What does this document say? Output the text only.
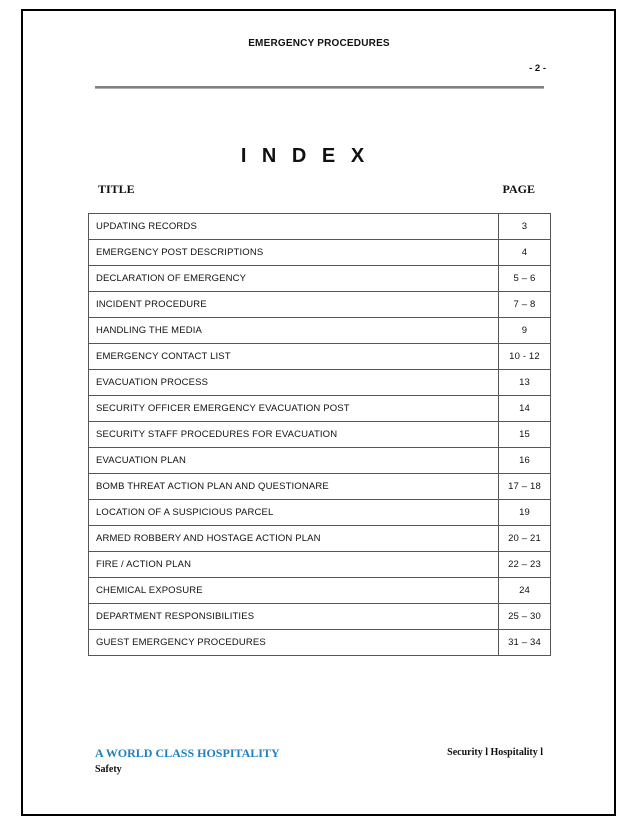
EMERGENCY PROCEDURES
- 2 -
I N D E X
TITLE	PAGE
UPDATING RECORDS	3
EMERGENCY POST DESCRIPTIONS	4
DECLARATION OF EMERGENCY	5 – 6
INCIDENT PROCEDURE	7 – 8
HANDLING THE MEDIA	9
EMERGENCY CONTACT LIST	10 - 12
EVACUATION PROCESS	13
SECURITY OFFICER EMERGENCY EVACUATION POST	14
SECURITY STAFF PROCEDURES FOR EVACUATION	15
EVACUATION PLAN	16
BOMB THREAT ACTION PLAN AND QUESTIONARE	17 – 18
LOCATION OF A SUSPICIOUS PARCEL	19
ARMED ROBBERY AND HOSTAGE ACTION PLAN	20 – 21
FIRE / ACTION PLAN	22 – 23
CHEMICAL EXPOSURE	24
DEPARTMENT RESPONSIBILITIES	25 – 30
GUEST EMERGENCY PROCEDURES	31 – 34
A WORLD CLASS HOSPITALITY	Security l Hospitality l
Safety
